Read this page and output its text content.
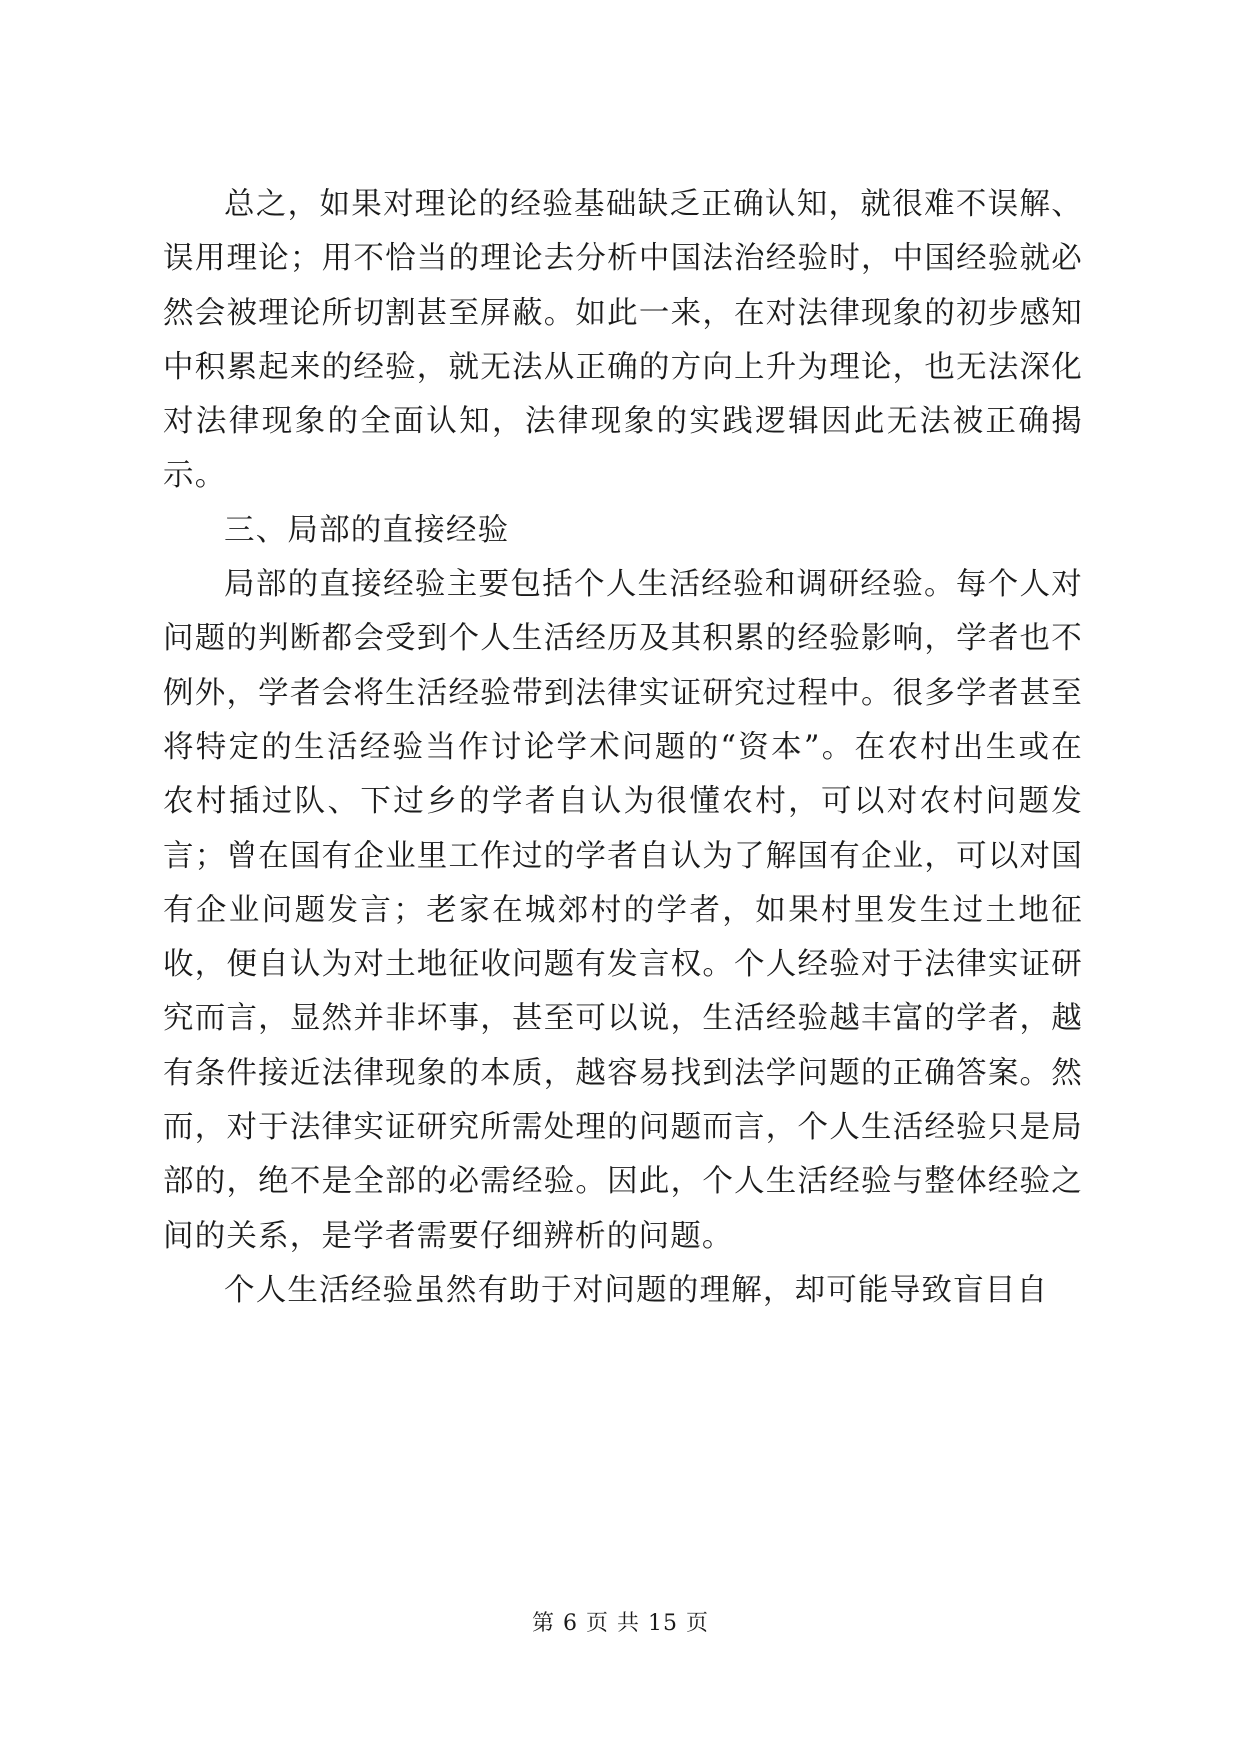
总之，如果对理论的经验基础缺乏正确认知，就很难不误解、误用理论；用不恰当的理论去分析中国法治经验时，中国经验就必然会被理论所切割甚至屏蔽。如此一来，在对法律现象的初步感知中积累起来的经验，就无法从正确的方向上升为理论，也无法深化对法律现象的全面认知，法律现象的实践逻辑因此无法被正确揭示。

三、局部的直接经验

局部的直接经验主要包括个人生活经验和调研经验。每个人对问题的判断都会受到个人生活经历及其积累的经验影响，学者也不例外，学者会将生活经验带到法律实证研究过程中。很多学者甚至将特定的生活经验当作讨论学术问题的“资本”。在农村出生或在农村插过队、下过乡的学者自认为很懂农村，可以对农村问题发言；曾在国有企业里工作过的学者自认为了解国有企业，可以对国有企业问题发言；老家在城郊村的学者，如果村里发生过土地征收，便自认为对土地征收问题有发言权。个人经验对于法律实证研究而言，显然并非坏事，甚至可以说，生活经验越丰富的学者，越有条件接近法律现象的本质，越容易找到法学问题的正确答案。然而，对于法律实证研究所需处理的问题而言，个人生活经验只是局部的，绝不是全部的必需经验。因此，个人生活经验与整体经验之间的关系，是学者需要仔细辨析的问题。

个人生活经验虽然有助于对问题的理解，却可能导致盲目自

第 6 页 共 15 页
